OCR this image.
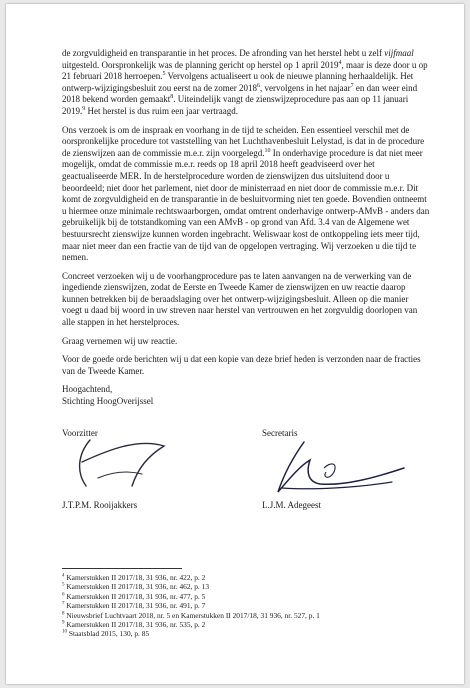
de zorgvuldigheid en transparantie in het proces. De afronding van het herstel hebt u zelf vijfmaal uitgesteld. Oorspronkelijk was de planning gericht op herstel op 1 april 2019$^4$, maar is deze door u op 21 februari 2018 herroepen.$^5$ Vervolgens actualiseert u ook de nieuwe planning herhaaldelijk. Het ontwerp-wijzigingsbesluit zou eerst na de zomer 2018$^6$, vervolgens in het najaar$^7$ en dan weer eind 2018 bekend worden gemaakt$^8$. Uiteindelijk vangt de zienswijzeprocedure pas aan op 11 januari 2019.$^9$ Het herstel is dus ruim een jaar vertraagd.

Ons verzoek is om de inspraak en voorhang in de tijd te scheiden. Een essentieel verschil met de oorspronkelijke procedure tot vaststelling van het Luchthavenbesluit Lelystad, is dat in de procedure de zienswijzen aan de commissie m.e.r. zijn voorgelegd.$^{10}$ In onderhavige procedure is dat niet meer mogelijk, omdat de commissie m.e.r. reeds op 18 april 2018 heeft geadviseerd over het geactualiseerde MER. In de herstelprocedure worden de zienswijzen dus uitsluitend door u beoordeeld; niet door het parlement, niet door de ministerraad en niet door de commissie m.e.r. Dit komt de zorgvuldigheid en de transparantie in de besluitvorming niet ten goede. Bovendien ontneemt u hiermee onze minimale rechtswaarborgen, omdat omtrent onderhavige ontwerp-AMvB - anders dan gebruikelijk bij de totstandkoming van een AMvB - op grond van Afd. 3.4 van de Algemene wet bestuursrecht zienswijze kunnen worden ingebracht. Weliswaar kost de ontkoppeling iets meer tijd, maar niet meer dan een fractie van de tijd van de opgelopen vertraging. Wij verzoeken u die tijd te nemen.

Concreet verzoeken wij u de voorhangprocedure pas te laten aanvangen na de verwerking van de ingediende zienswijzen, zodat de Eerste en Tweede Kamer de zienswijzen en uw reactie daarop kunnen betrekken bij de beraadslaging over het ontwerp-wijzigingsbesluit. Alleen op die manier voegt u daad bij woord in uw streven naar herstel van vertrouwen en het zorgvuldig doorlopen van alle stappen in het herstelproces.

Graag vernemen wij uw reactie.

Voor de goede orde berichten wij u dat een kopie van deze brief heden is verzonden naar de fracties van de Tweede Kamer.

Hoogachtend,
Stichting HoogOverijssel
Voorzitter
J.T.P.M. Rooijakkers
Secretaris
L.J.M. Adegeest
$^4$ Kamerstukken II 2017/18, 31 936, nr. 422, p. 2
$^5$ Kamerstukken II 2017/18, 31 936, nr. 462, p. 13
$^6$ Kamerstukken II 2017/18, 31 936, nr. 477, p. 5
$^7$ Kamerstukken II 2017/18, 31 936, nr. 491, p. 7
$^8$ Nieuwsbrief Luchtvaart 2018, nr. 5 en Kamerstukken II 2017/18, 31 936, nr. 527, p. 1
$^9$ Kamerstukken II 2017/18, 31 936, nr. 535, p. 2
$^{10}$ Staatsblad 2015, 130, p. 85
